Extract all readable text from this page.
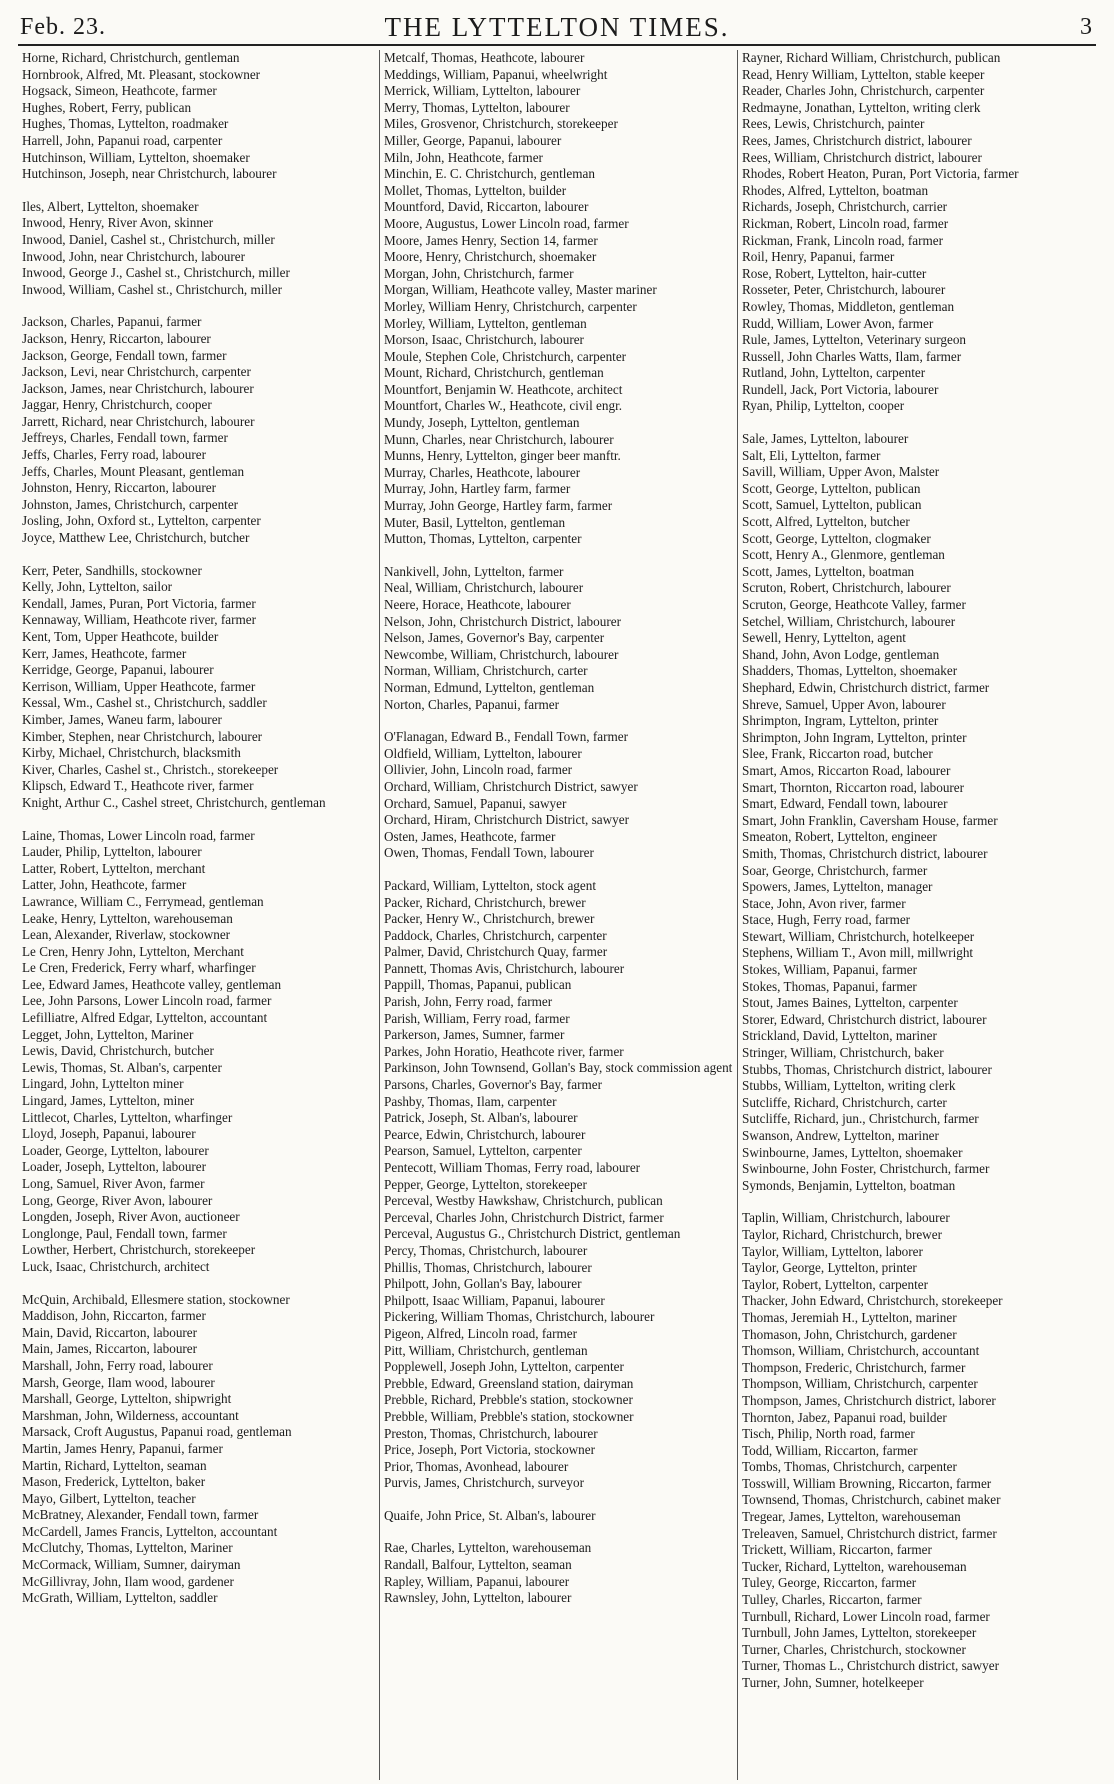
Feb. 23.	THE LYTTELTON TIMES.	3
Horne, Richard, Christchurch, gentleman
Hornbrook, Alfred, Mt. Pleasant, stockowner
Hogsack, Simeon, Heathcote, farmer
Hughes, Robert, Ferry, publican
Hughes, Thomas, Lyttelton, roadmaker
Harrell, John, Papanui road, carpenter
Hutchinson, William, Lyttelton, shoemaker
Hutchinson, Joseph, near Christchurch, labourer
Iles, Albert, Lyttelton, shoemaker
Inwood, Henry, River Avon, skinner
Inwood, Daniel, Cashel st., Christchurch, miller
Inwood, John, near Christchurch, labourer
Inwood, George J., Cashel st., Christchurch, miller
Inwood, William, Cashel st., Christchurch, miller
Jackson, Charles, Papanui, farmer
Jackson, Henry, Riccarton, labourer
Jackson, George, Fendall town, farmer
Jackson, Levi, near Christchurch, carpenter
Jackson, James, near Christchurch, labourer
Jaggar, Henry, Christchurch, cooper
Jarrett, Richard, near Christchurch, labourer
Jeffreys, Charles, Fendall town, farmer
Jeffs, Charles, Ferry road, labourer
Jeffs, Charles, Mount Pleasant, gentleman
Johnston, Henry, Riccarton, labourer
Johnston, James, Christchurch, carpenter
Josling, John, Oxford st., Lyttelton, carpenter
Joyce, Matthew Lee, Christchurch, butcher
Kerr, Peter, Sandhills, stockowner
Kelly, John, Lyttelton, sailor
Kendall, James, Puran, Port Victoria, farmer
Kennaway, William, Heathcote river, farmer
Kent, Tom, Upper Heathcote, builder
Kerr, James, Heathcote, farmer
Kerridge, George, Papanui, labourer
Kerrison, William, Upper Heathcote, farmer
Kessal, Wm., Cashel st., Christchurch, saddler
Kimber, James, Waneu farm, labourer
Kimber, Stephen, near Christchurch, labourer
Kirby, Michael, Christchurch, blacksmith
Kiver, Charles, Cashel st., Christch., storekeeper
Klipsch, Edward T., Heathcote river, farmer
Knight, Arthur C., Cashel street, Christchurch, gentleman
Laine, Thomas, Lower Lincoln road, farmer
Lauder, Philip, Lyttelton, labourer
Latter, Robert, Lyttelton, merchant
Latter, John, Heathcote, farmer
Lawrance, William C., Ferrymead, gentleman
Leake, Henry, Lyttelton, warehouseman
Lean, Alexander, Riverlaw, stockowner
Le Cren, Henry John, Lyttelton, Merchant
Le Cren, Frederick, Ferry wharf, wharfinger
Lee, Edward James, Heathcote valley, gentleman
Lee, John Parsons, Lower Lincoln road, farmer
Lefilliatre, Alfred Edgar, Lyttelton, accountant
Legget, John, Lyttelton, Mariner
Lewis, David, Christchurch, butcher
Lewis, Thomas, St. Alban's, carpenter
Lingard, John, Lyttelton miner
Lingard, James, Lyttelton, miner
Littlecot, Charles, Lyttelton, wharfinger
Lloyd, Joseph, Papanui, labourer
Loader, George, Lyttelton, labourer
Loader, Joseph, Lyttelton, labourer
Long, Samuel, River Avon, farmer
Long, George, River Avon, labourer
Longden, Joseph, River Avon, auctioneer
Longlonge, Paul, Fendall town, farmer
Lowther, Herbert, Christchurch, storekeeper
Luck, Isaac, Christchurch, architect
McQuin, Archibald, Ellesmere station, stockowner
Maddison, John, Riccarton, farmer
Main, David, Riccarton, labourer
Main, James, Riccarton, labourer
Marshall, John, Ferry road, labourer
Marsh, George, Ilam wood, labourer
Marshall, George, Lyttelton, shipwright
Marshman, John, Wilderness, accountant
Marsack, Croft Augustus, Papanui road, gentleman
Martin, James Henry, Papanui, farmer
Martin, Richard, Lyttelton, seaman
Mason, Frederick, Lyttelton, baker
Mayo, Gilbert, Lyttelton, teacher
McBratney, Alexander, Fendall town, farmer
McCardell, James Francis, Lyttelton, accountant
McClutchy, Thomas, Lyttelton, Mariner
McCormack, William, Sumner, dairyman
McGillivray, John, Ilam wood, gardener
McGrath, William, Lyttelton, saddler
Metcalf, Thomas, Heathcote, labourer
Meddings, William, Papanui, wheelwright
Merrick, William, Lyttelton, labourer
Merry, Thomas, Lyttelton, labourer
Miles, Grosvenor, Christchurch, storekeeper
Miller, George, Papanui, labourer
Miln, John, Heathcote, farmer
Minchin, E. C. Christchurch, gentleman
Mollet, Thomas, Lyttelton, builder
Mountford, David, Riccarton, labourer
Moore, Augustus, Lower Lincoln road, farmer
Moore, James Henry, Section 14, farmer
Moore, Henry, Christchurch, shoemaker
Morgan, John, Christchurch, farmer
Morgan, William, Heathcote valley, Master mariner
Morley, William Henry, Christchurch, carpenter
Morley, William, Lyttelton, gentleman
Morson, Isaac, Christchurch, labourer
Moule, Stephen Cole, Christchurch, carpenter
Mount, Richard, Christchurch, gentleman
Mountfort, Benjamin W. Heathcote, architect
Mountfort, Charles W., Heathcote, civil engr.
Mundy, Joseph, Lyttelton, gentleman
Munn, Charles, near Christchurch, labourer
Munns, Henry, Lyttelton, ginger beer manftr.
Murray, Charles, Heathcote, labourer
Murray, John, Hartley farm, farmer
Murray, John George, Hartley farm, farmer
Muter, Basil, Lyttelton, gentleman
Mutton, Thomas, Lyttelton, carpenter
Nankivell, John, Lyttelton, farmer
Neal, William, Christchurch, labourer
Neere, Horace, Heathcote, labourer
Nelson, John, Christchurch District, labourer
Nelson, James, Governor's Bay, carpenter
Newcombe, William, Christchurch, labourer
Norman, William, Christchurch, carter
Norman, Edmund, Lyttelton, gentleman
Norton, Charles, Papanui, farmer
O'Flanagan, Edward B., Fendall Town, farmer
Oldfield, William, Lyttelton, labourer
Ollivier, John, Lincoln road, farmer
Orchard, William, Christchurch District, sawyer
Orchard, Samuel, Papanui, sawyer
Orchard, Hiram, Christchurch District, sawyer
Osten, James, Heathcote, farmer
Owen, Thomas, Fendall Town, labourer
Packard, William, Lyttelton, stock agent
Packer, Richard, Christchurch, brewer
Packer, Henry W., Christchurch, brewer
Paddock, Charles, Christchurch, carpenter
Palmer, David, Christchurch Quay, farmer
Pannett, Thomas Avis, Christchurch, labourer
Pappill, Thomas, Papanui, publican
Parish, John, Ferry road, farmer
Parish, William, Ferry road, farmer
Parkerson, James, Sumner, farmer
Parkes, John Horatio, Heathcote river, farmer
Parkinson, John Townsend, Gollan's Bay, stock commission agent
Parsons, Charles, Governor's Bay, farmer
Pashby, Thomas, Ilam, carpenter
Patrick, Joseph, St. Alban's, labourer
Pearce, Edwin, Christchurch, labourer
Pearson, Samuel, Lyttelton, carpenter
Pentecott, William Thomas, Ferry road, labourer
Pepper, George, Lyttelton, storekeeper
Perceval, Westby Hawkshaw, Christchurch, publican
Perceval, Charles John, Christchurch District, farmer
Perceval, Augustus G., Christchurch District, gentleman
Percy, Thomas, Christchurch, labourer
Phillis, Thomas, Christchurch, labourer
Philpott, John, Gollan's Bay, labourer
Philpott, Isaac William, Papanui, labourer
Pickering, William Thomas, Christchurch, labourer
Pigeon, Alfred, Lincoln road, farmer
Pitt, William, Christchurch, gentleman
Popplewell, Joseph John, Lyttelton, carpenter
Prebble, Edward, Greensland station, dairyman
Prebble, Richard, Prebble's station, stockowner
Prebble, William, Prebble's station, stockowner
Preston, Thomas, Christchurch, labourer
Price, Joseph, Port Victoria, stockowner
Prior, Thomas, Avonhead, labourer
Purvis, James, Christchurch, surveyor
Quaife, John Price, St. Alban's, labourer
Rae, Charles, Lyttelton, warehouseman
Randall, Balfour, Lyttelton, seaman
Rapley, William, Papanui, labourer
Rawnsley, John, Lyttelton, labourer
Rayner, Richard William, Christchurch, publican
Read, Henry William, Lyttelton, stable keeper
Reader, Charles John, Christchurch, carpenter
Redmayne, Jonathan, Lyttelton, writing clerk
Rees, Lewis, Christchurch, painter
Rees, James, Christchurch district, labourer
Rees, William, Christchurch district, labourer
Rhodes, Robert Heaton, Puran, Port Victoria, farmer
Rhodes, Alfred, Lyttelton, boatman
Richards, Joseph, Christchurch, carrier
Rickman, Robert, Lincoln road, farmer
Rickman, Frank, Lincoln road, farmer
Roil, Henry, Papanui, farmer
Rose, Robert, Lyttelton, hair-cutter
Rosseter, Peter, Christchurch, labourer
Rowley, Thomas, Middleton, gentleman
Rudd, William, Lower Avon, farmer
Rule, James, Lyttelton, Veterinary surgeon
Russell, John Charles Watts, Ilam, farmer
Rutland, John, Lyttelton, carpenter
Rundell, Jack, Port Victoria, labourer
Ryan, Philip, Lyttelton, cooper
Sale, James, Lyttelton, labourer
Salt, Eli, Lyttelton, farmer
Savill, William, Upper Avon, Malster
Scott, George, Lyttelton, publican
Scott, Samuel, Lyttelton, publican
Scott, Alfred, Lyttelton, butcher
Scott, George, Lyttelton, clogmaker
Scott, Henry A., Glenmore, gentleman
Scott, James, Lyttelton, boatman
Scruton, Robert, Christchurch, labourer
Scruton, George, Heathcote Valley, farmer
Setchel, William, Christchurch, labourer
Sewell, Henry, Lyttelton, agent
Shand, John, Avon Lodge, gentleman
Shadders, Thomas, Lyttelton, shoemaker
Shephard, Edwin, Christchurch district, farmer
Shreve, Samuel, Upper Avon, labourer
Shrimpton, Ingram, Lyttelton, printer
Shrimpton, John Ingram, Lyttelton, printer
Slee, Frank, Riccarton road, butcher
Smart, Amos, Riccarton Road, labourer
Smart, Thornton, Riccarton road, labourer
Smart, Edward, Fendall town, labourer
Smart, John Franklin, Caversham House, farmer
Smeaton, Robert, Lyttelton, engineer
Smith, Thomas, Christchurch district, labourer
Soar, George, Christchurch, farmer
Spowers, James, Lyttelton, manager
Stace, John, Avon river, farmer
Stace, Hugh, Ferry road, farmer
Stewart, William, Christchurch, hotelkeeper
Stephens, William T., Avon mill, millwright
Stokes, William, Papanui, farmer
Stokes, Thomas, Papanui, farmer
Stout, James Baines, Lyttelton, carpenter
Storer, Edward, Christchurch district, labourer
Strickland, David, Lyttelton, mariner
Stringer, William, Christchurch, baker
Stubbs, Thomas, Christchurch district, labourer
Stubbs, William, Lyttelton, writing clerk
Sutcliffe, Richard, Christchurch, carter
Sutcliffe, Richard, jun., Christchurch, farmer
Swanson, Andrew, Lyttelton, mariner
Swinbourne, James, Lyttelton, shoemaker
Swinbourne, John Foster, Christchurch, farmer
Symonds, Benjamin, Lyttelton, boatman
Taplin, William, Christchurch, labourer
Taylor, Richard, Christchurch, brewer
Taylor, William, Lyttelton, laborer
Taylor, George, Lyttelton, printer
Taylor, Robert, Lyttelton, carpenter
Thacker, John Edward, Christchurch, storekeeper
Thomas, Jeremiah H., Lyttelton, mariner
Thomason, John, Christchurch, gardener
Thomson, William, Christchurch, accountant
Thompson, Frederic, Christchurch, farmer
Thompson, William, Christchurch, carpenter
Thompson, James, Christchurch district, laborer
Thornton, Jabez, Papanui road, builder
Tisch, Philip, North road, farmer
Todd, William, Riccarton, farmer
Tombs, Thomas, Christchurch, carpenter
Tosswill, William Browning, Riccarton, farmer
Townsend, Thomas, Christchurch, cabinet maker
Tregear, James, Lyttelton, warehouseman
Treleaven, Samuel, Christchurch district, farmer
Trickett, William, Riccarton, farmer
Tucker, Richard, Lyttelton, warehouseman
Tuley, George, Riccarton, farmer
Tulley, Charles, Riccarton, farmer
Turnbull, Richard, Lower Lincoln road, farmer
Turnbull, John James, Lyttelton, storekeeper
Turner, Charles, Christchurch, stockowner
Turner, Thomas L., Christchurch district, sawyer
Turner, John, Sumner, hotelkeeper
